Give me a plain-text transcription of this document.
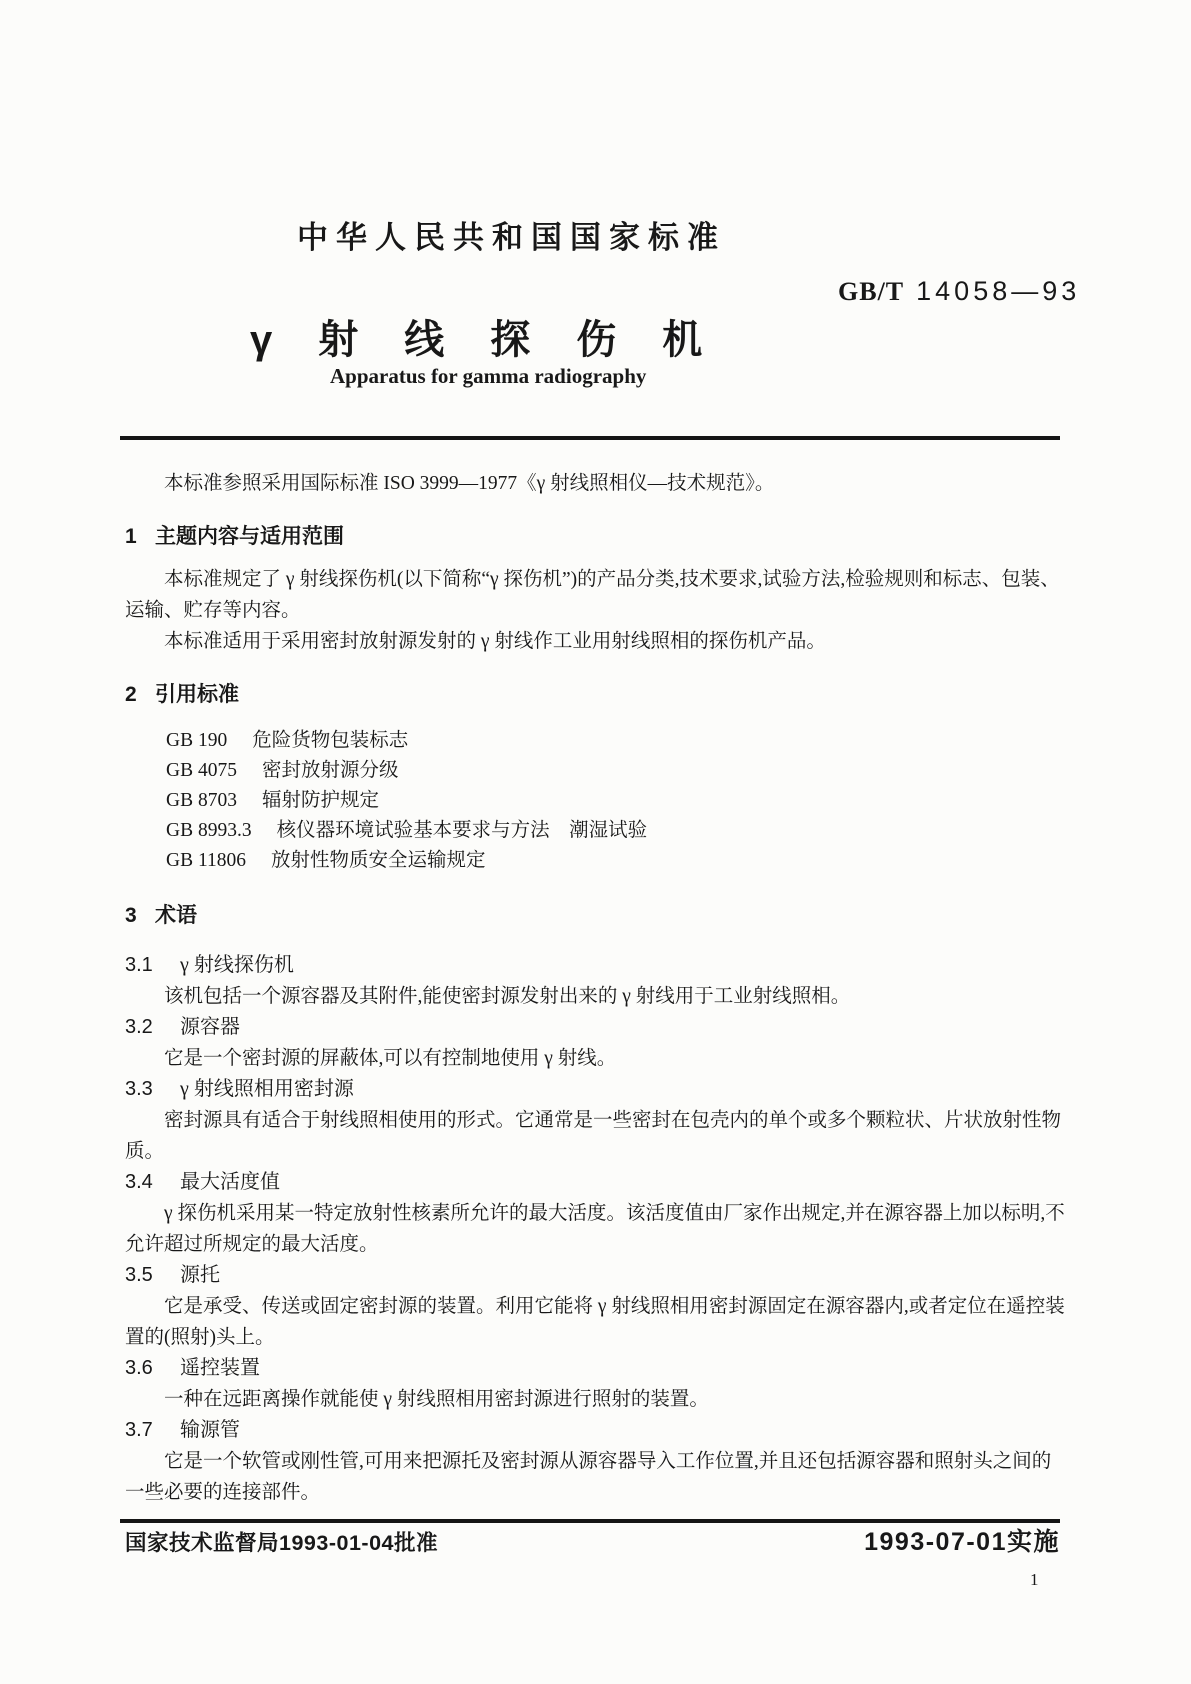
中华人民共和国国家标准
GB/T 14058—93
γ射线探伤机
Apparatus for gamma radiography

本标准参照采用国际标准 ISO 3999—1977《γ 射线照相仪—技术规范》。

1 主题内容与适用范围

本标准规定了 γ 射线探伤机(以下简称“γ 探伤机”)的产品分类,技术要求,试验方法,检验规则和标志、包装、运输、贮存等内容。

本标准适用于采用密封放射源发射的 γ 射线作工业用射线照相的探伤机产品。

2 引用标准
GB 190 危险货物包装标志
GB 4075 密封放射源分级
GB 8703 辐射防护规定
GB 8993.3 核仪器环境试验基本要求与方法　潮湿试验
GB 11806 放射性物质安全运输规定
3 术语
3.1 γ 射线探伤机

该机包括一个源容器及其附件,能使密封源发射出来的 γ 射线用于工业射线照相。

3.2 源容器

它是一个密封源的屏蔽体,可以有控制地使用 γ 射线。

3.3 γ 射线照相用密封源

密封源具有适合于射线照相使用的形式。它通常是一些密封在包壳内的单个或多个颗粒状、片状放射性物质。

3.4 最大活度值

γ 探伤机采用某一特定放射性核素所允许的最大活度。该活度值由厂家作出规定,并在源容器上加以标明,不允许超过所规定的最大活度。

3.5 源托

它是承受、传送或固定密封源的装置。利用它能将 γ 射线照相用密封源固定在源容器内,或者定位在遥控装置的(照射)头上。

3.6 遥控装置

一种在远距离操作就能使 γ 射线照相用密封源进行照射的装置。

3.7 输源管

它是一个软管或刚性管,可用来把源托及密封源从源容器导入工作位置,并且还包括源容器和照射头之间的一些必要的连接部件。

国家技术监督局1993-01-04批准	1993-07-01实施
1
